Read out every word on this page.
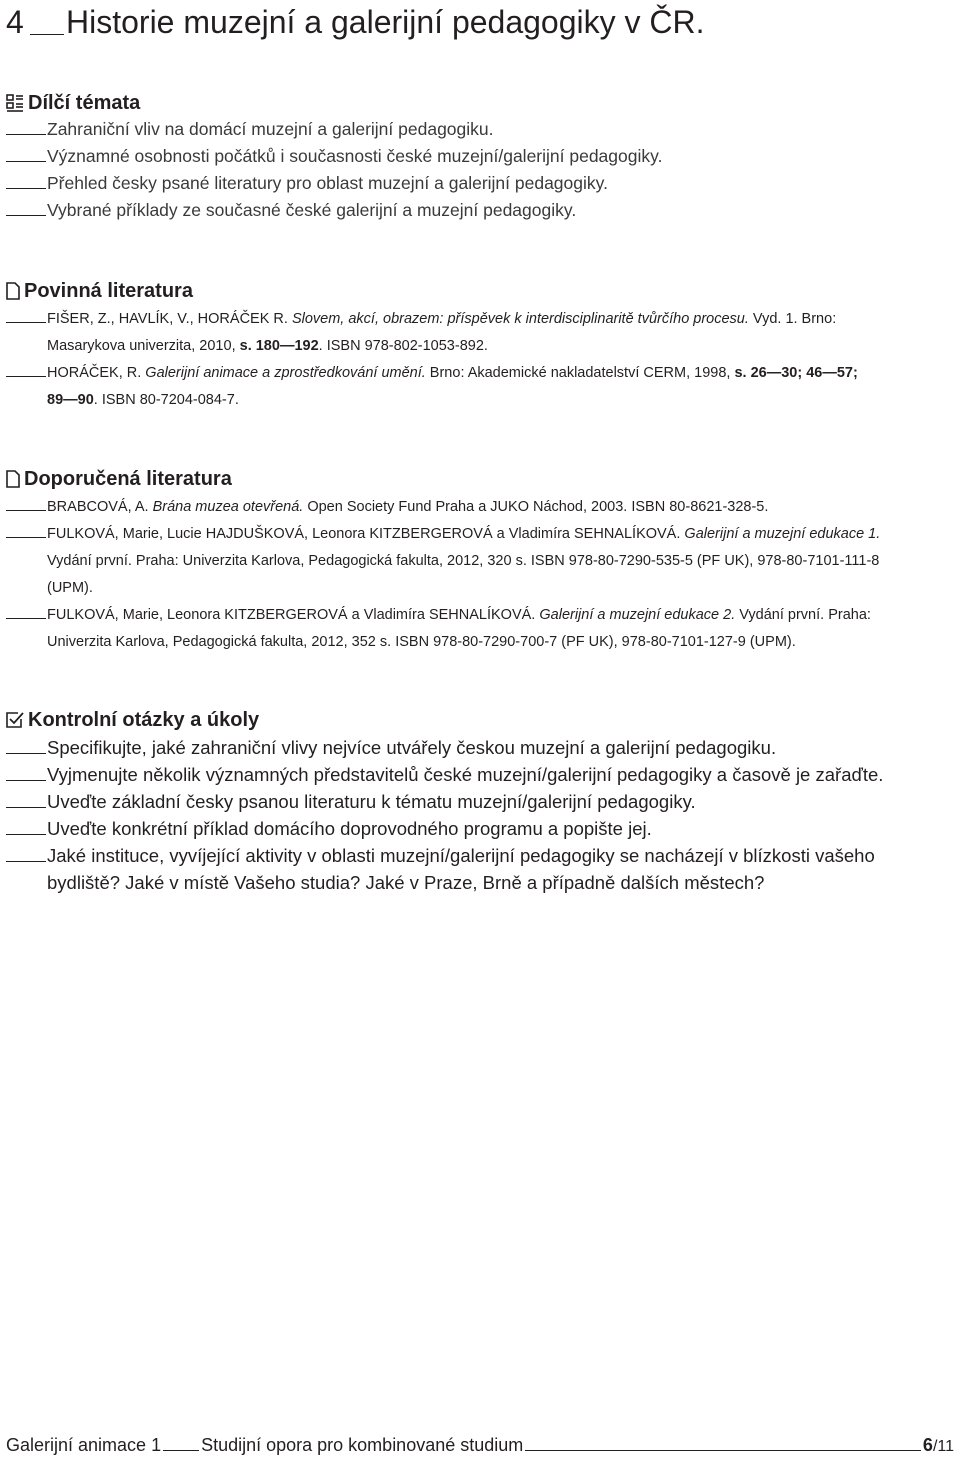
4 Historie muzejní a galerijní pedagogiky v ČR.
Dílčí témata
Zahraniční vliv na domácí muzejní a galerijní pedagogiku.
Významné osobnosti počátků i současnosti české muzejní/galerijní pedagogiky.
Přehled česky psané literatury pro oblast muzejní a galerijní pedagogiky.
Vybrané příklady ze současné české galerijní a muzejní pedagogiky.
Povinná literatura
FIŠER, Z., HAVLÍK, V., HORÁČEK R. Slovem, akcí, obrazem: příspěvek k interdisciplinaritě tvůrčího procesu. Vyd. 1. Brno:
Masarykova univerzita, 2010, s. 180—192. ISBN 978-802-1053-892.
HORÁČEK, R. Galerijní animace a zprostředkování umění. Brno: Akademické nakladatelství CERM, 1998, s. 26—30; 46—57;
89—90. ISBN 80-7204-084-7.
Doporučená literatura
BRABCOVÁ, A. Brána muzea otevřená. Open Society Fund Praha a JUKO Náchod, 2003. ISBN 80-8621-328-5.
FULKOVÁ, Marie, Lucie HAJDUŠKOVÁ, Leonora KITZBERGEROVÁ a Vladimíra SEHNALÍKOVÁ. Galerijní a muzejní edukace 1.
Vydání první. Praha: Univerzita Karlova, Pedagogická fakulta, 2012, 320 s. ISBN 978-80-7290-535-5 (PF UK), 978-80-7101-111-8
(UPM).
FULKOVÁ, Marie, Leonora KITZBERGEROVÁ a Vladimíra SEHNALÍKOVÁ. Galerijní a muzejní edukace 2. Vydání první. Praha:
Univerzita Karlova, Pedagogická fakulta, 2012, 352 s. ISBN 978-80-7290-700-7 (PF UK), 978-80-7101-127-9 (UPM).
Kontrolní otázky a úkoly
Specifikujte, jaké zahraniční vlivy nejvíce utvářely českou muzejní a galerijní pedagogiku.
Vyjmenujte několik významných představitelů české muzejní/galerijní pedagogiky a časově je zařaďte.
Uveďte základní česky psanou literaturu k tématu muzejní/galerijní pedagogiky.
Uveďte konkrétní příklad domácího doprovodného programu a popište jej.
Jaké instituce, vyvíjející aktivity v oblasti muzejní/galerijní pedagogiky se nacházejí v blízkosti vašeho
bydliště? Jaké v místě Vašeho studia? Jaké v Praze, Brně a případně dalších městech?
Galerijní animace 1 Studijní opora pro kombinované studium	6/11
